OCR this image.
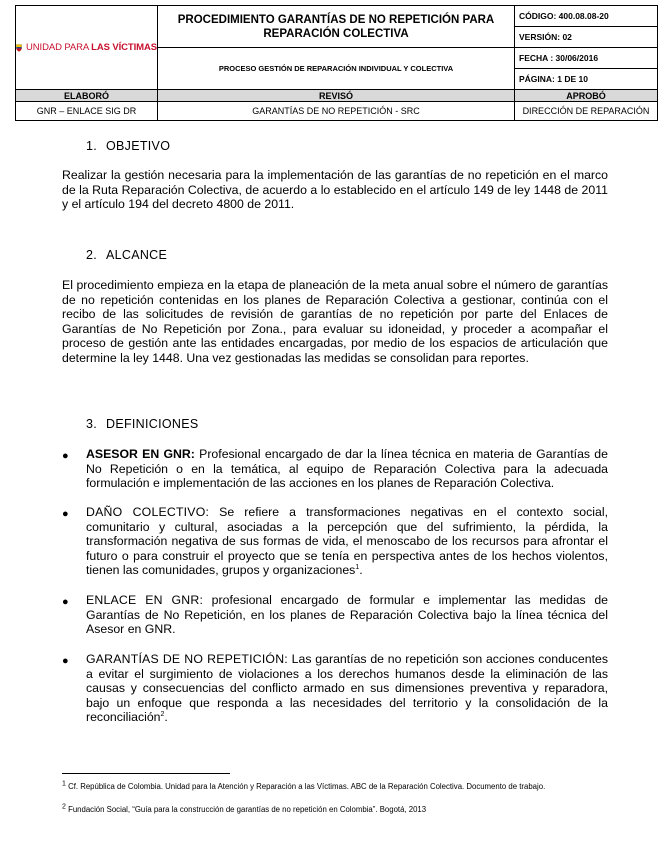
UNIDAD PARA LAS VÍCTIMAS	PROCEDIMIENTO GARANTÍAS DE NO REPETICIÓN PARA REPARACIÓN COLECTIVA	CÓDIGO: 400.08.08-20
		VERSIÓN: 02
	PROCESO GESTIÓN DE REPARACIÓN INDIVIDUAL Y COLECTIVA	FECHA : 30/06/2016
		PÁGINA: 1 DE 10
ELABORÓ	REVISÓ	APROBÓ
GNR – ENLACE SIG DR	GARANTÍAS DE NO REPETICIÓN - SRC	DIRECCIÓN DE REPARACIÓN
1. OBJETIVO

Realizar la gestión necesaria para la implementación de las garantías de no repetición en el marco de la Ruta Reparación Colectiva, de acuerdo a lo establecido en el artículo 149 de ley 1448 de 2011 y el artículo 194 del decreto 4800 de 2011.

2. ALCANCE

El procedimiento empieza en la etapa de planeación de la meta anual sobre el número de garantías de no repetición contenidas en los planes de Reparación Colectiva a gestionar, continúa con el recibo de las solicitudes de revisión de garantías de no repetición por parte del Enlaces de Garantías de No Repetición por Zona., para evaluar su idoneidad, y proceder a acompañar el proceso de gestión ante las entidades encargadas, por medio de los espacios de articulación que determine la ley 1448. Una vez gestionadas las medidas se consolidan para reportes.

3. DEFINICIONES
● ASESOR EN GNR: Profesional encargado de dar la línea técnica en materia de Garantías de No Repetición o en la temática, al equipo de Reparación Colectiva para la adecuada formulación e implementación de las acciones en los planes de Reparación Colectiva.

● DAÑO COLECTIVO: Se refiere a transformaciones negativas en el contexto social, comunitario y cultural, asociadas a la percepción que del sufrimiento, la pérdida, la transformación negativa de sus formas de vida, el menoscabo de los recursos para afrontar el futuro o para construir el proyecto que se tenía en perspectiva antes de los hechos violentos, tienen las comunidades, grupos y organizaciones$^1$.

● ENLACE EN GNR: profesional encargado de formular e implementar las medidas de Garantías de No Repetición, en los planes de Reparación Colectiva bajo la línea técnica del Asesor en GNR.

● GARANTÍAS DE NO REPETICIÓN: Las garantías de no repetición son acciones conducentes a evitar el surgimiento de violaciones a los derechos humanos desde la eliminación de las causas y consecuencias del conflicto armado en sus dimensiones preventiva y reparadora, bajo un enfoque que responda a las necesidades del territorio y la consolidación de la reconciliación$^2$.

$^1$ Cf. República de Colombia. Unidad para la Atención y Reparación a las Víctimas. ABC de la Reparación Colectiva. Documento de trabajo.

$^2$ Fundación Social, “Guía para la construcción de garantías de no repetición en Colombia”. Bogotá, 2013
